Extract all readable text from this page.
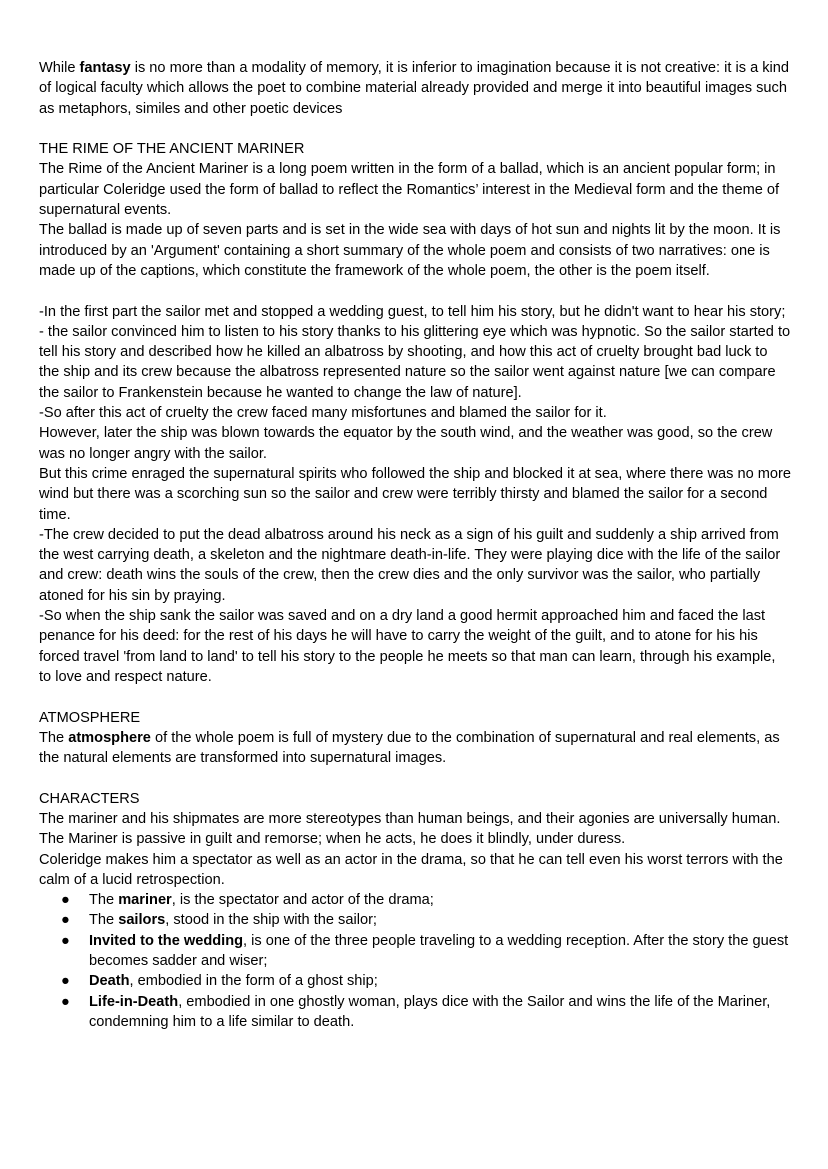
While fantasy is no more than a modality of memory, it is inferior to imagination because it is not creative: it is a kind of logical faculty which allows the poet to combine material already provided and merge it into beautiful images such as metaphors, similes and other poetic devices

THE RIME OF THE ANCIENT MARINER

The Rime of the Ancient Mariner is a long poem written in the form of a ballad, which is an ancient popular form; in particular Coleridge used the form of ballad to reflect the Romantics’ interest in the Medieval form and the theme of supernatural events.

The ballad is made up of seven parts and is set in the wide sea with days of hot sun and nights lit by the moon. It is introduced by an 'Argument' containing a short summary of the whole poem and consists of two narratives: one is made up of the captions, which constitute the framework of the whole poem, the other is the poem itself.

-In the first part the sailor met and stopped a wedding guest, to tell him his story, but he didn't want to hear his story;

- the sailor convinced him to listen to his story thanks to his glittering eye which was hypnotic. So the sailor started to tell his story and described how he killed an albatross by shooting, and how this act of cruelty brought bad luck to the ship and its crew because the albatross represented nature so the sailor went against nature [we can compare the sailor to Frankenstein because he wanted to change the law of nature].

-So after this act of cruelty the crew faced many misfortunes and blamed the sailor for it.

However, later the ship was blown towards the equator by the south wind, and the weather was good, so the crew was no longer angry with the sailor.

But this crime enraged the supernatural spirits who followed the ship and blocked it at sea, where there was no more wind but there was a scorching sun so the sailor and crew were terribly thirsty and blamed the sailor for a second time.

-The crew decided to put the dead albatross around his neck as a sign of his guilt and suddenly a ship arrived from the west carrying death, a skeleton and the nightmare death-in-life. They were playing dice with the life of the sailor and crew: death wins the souls of the crew, then the crew dies and the only survivor was the sailor, who partially atoned for his sin by praying.

-So when the ship sank the sailor was saved and on a dry land a good hermit approached him and faced the last penance for his deed: for the rest of his days he will have to carry the weight of the guilt, and to atone for his his forced travel 'from land to land' to tell his story to the people he meets so that man can learn, through his example, to love and respect nature.

ATMOSPHERE

The atmosphere of the whole poem is full of mystery due to the combination of supernatural and real elements, as the natural elements are transformed into supernatural images.

CHARACTERS

The mariner and his shipmates are more stereotypes than human beings, and their agonies are universally human.

The Mariner is passive in guilt and remorse; when he acts, he does it blindly, under duress.

Coleridge makes him a spectator as well as an actor in the drama, so that he can tell even his worst terrors with the calm of a lucid retrospection.

● The mariner, is the spectator and actor of the drama;
● The sailors, stood in the ship with the sailor;
● Invited to the wedding, is one of the three people traveling to a wedding reception. After the story the guest becomes sadder and wiser;
● Death, embodied in the form of a ghost ship;
● Life-in-Death, embodied in one ghostly woman, plays dice with the Sailor and wins the life of the Mariner, condemning him to a life similar to death.
